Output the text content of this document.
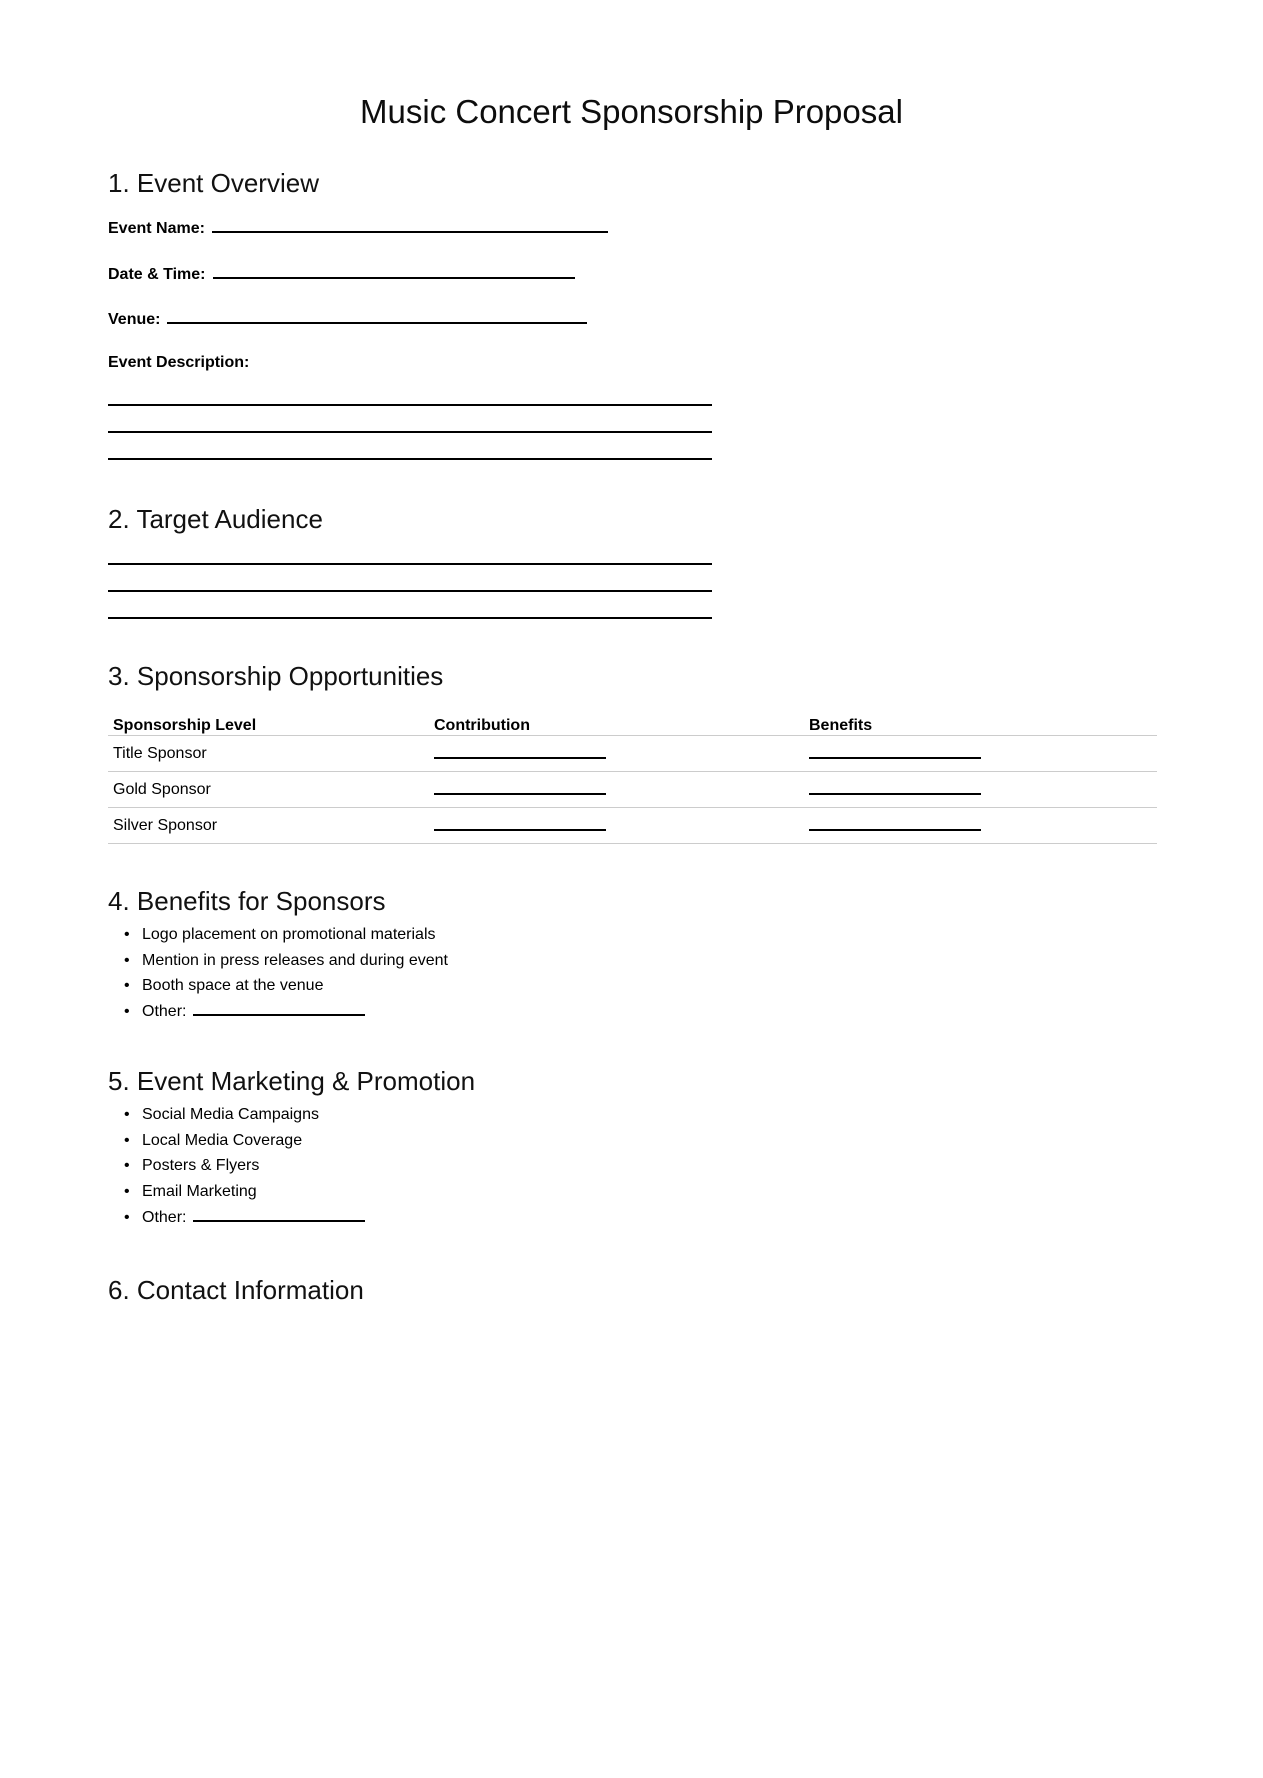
Music Concert Sponsorship Proposal
1. Event Overview
Event Name:
Date & Time:
Venue:
Event Description:
2. Target Audience
3. Sponsorship Opportunities
Sponsorship Level	Contribution	Benefits
Title Sponsor
Gold Sponsor
Silver Sponsor
4. Benefits for Sponsors
• Logo placement on promotional materials
• Mention in press releases and during event
• Booth space at the venue
• Other:
5. Event Marketing & Promotion
• Social Media Campaigns
• Local Media Coverage
• Posters & Flyers
• Email Marketing
• Other:
6. Contact Information
